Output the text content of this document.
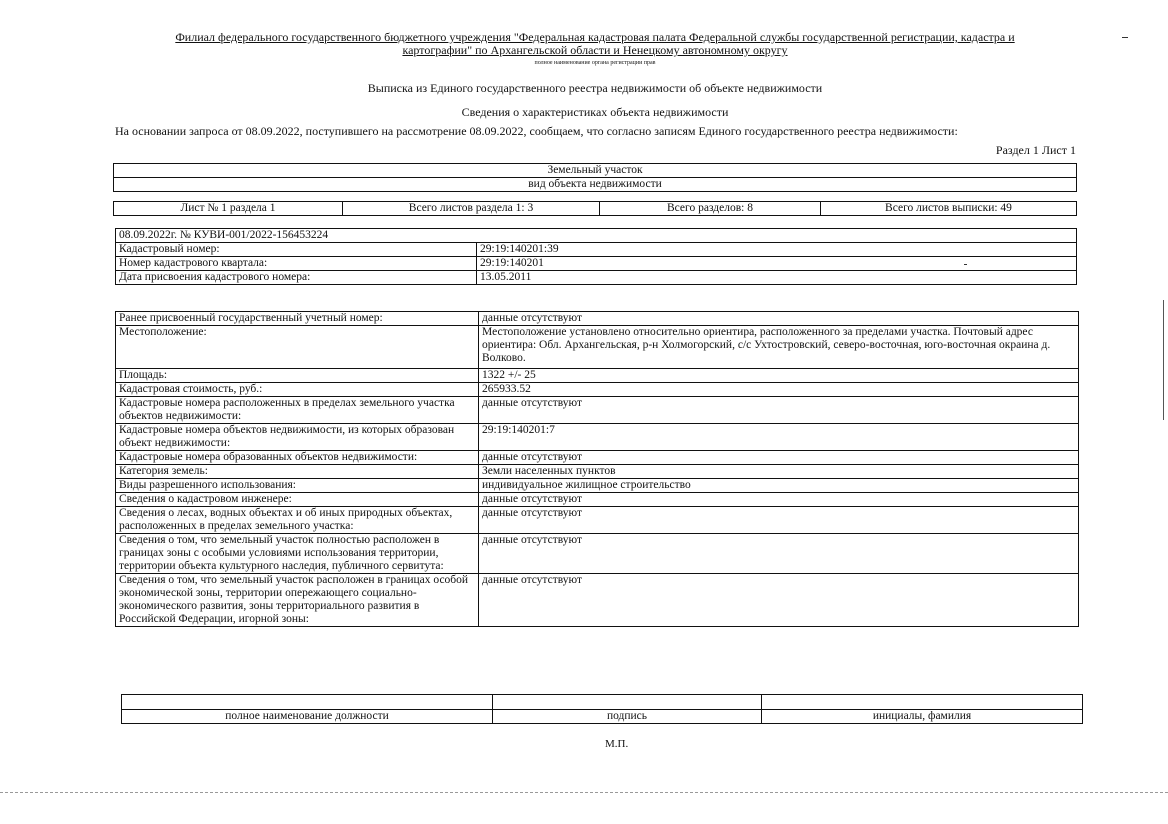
Филиал федерального государственного бюджетного учреждения "Федеральная кадастровая палата Федеральной службы государственной регистрации, кадастра и
картографии" по Архангельской области и Ненецкому автономному округу
полное наименование органа регистрации прав
Выписка из Единого государственного реестра недвижимости об объекте недвижимости
Сведения о характеристиках объекта недвижимости
На основании запроса от 08.09.2022, поступившего на рассмотрение 08.09.2022, сообщаем, что согласно записям Единого государственного реестра недвижимости:
Раздел 1 Лист 1
Земельный участок
вид объекта недвижимости
Лист № 1 раздела 1	Всего листов раздела 1: 3	Всего разделов: 8	Всего листов выписки: 49
08.09.2022г. № КУВИ-001/2022-156453224	
Кадастровый номер:	29:19:140201:39
Номер кадастрового квартала:	29:19:140201
Дата присвоения кадастрового номера:	13.05.2011
Ранее присвоенный государственный учетный номер:	данные отсутствуют
Местоположение:	Местоположение установлено относительно ориентира, расположенного за пределами участка. Почтовый адрес ориентира: Обл. Архангельская, р-н Холмогорский, с/с Ухтостровский, северо-восточная, юго-восточная окраина д. Волково.
Площадь:	1322 +/- 25
Кадастровая стоимость, руб.:	265933.52
Кадастровые номера расположенных в пределах земельного участка объектов недвижимости:	данные отсутствуют
Кадастровые номера объектов недвижимости, из которых образован объект недвижимости:	29:19:140201:7
Кадастровые номера образованных объектов недвижимости:	данные отсутствуют
Категория земель:	Земли населенных пунктов
Виды разрешенного использования:	индивидуальное жилищное строительство
Сведения о кадастровом инженере:	данные отсутствуют
Сведения о лесах, водных объектах и об иных природных объектах, расположенных в пределах земельного участка:	данные отсутствуют
Сведения о том, что земельный участок полностью расположен в границах зоны с особыми условиями использования территории, территории объекта культурного наследия, публичного сервитута:	данные отсутствуют
Сведения о том, что земельный участок расположен в границах особой экономической зоны, территории опережающего социально-экономического развития, зоны территориального развития в Российской Федерации, игорной зоны:	данные отсутствуют

полное наименование должности	подпись	инициалы, фамилия
М.П.
